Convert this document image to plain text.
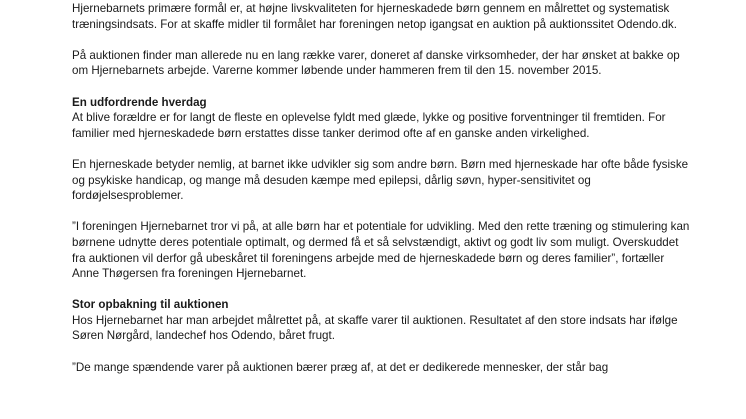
Hjernebarnets primære formål er, at højne livskvaliteten for hjerneskadede børn gennem en målrettet og systematisk træningsindsats. For at skaffe midler til formålet har foreningen netop igangsat en auktion på auktionssitet Odendo.dk.

På auktionen finder man allerede nu en lang række varer, doneret af danske virksomheder, der har ønsket at bakke op om Hjernebarnets arbejde. Varerne kommer løbende under hammeren frem til den 15. november 2015.

En udfordrende hverdag

At blive forældre er for langt de fleste en oplevelse fyldt med glæde, lykke og positive forventninger til fremtiden. For familier med hjerneskadede børn erstattes disse tanker derimod ofte af en ganske anden virkelighed.

En hjerneskade betyder nemlig, at barnet ikke udvikler sig som andre børn. Børn med hjerneskade har ofte både fysiske og psykiske handicap, og mange må desuden kæmpe med epilepsi, dårlig søvn, hyper-sensitivitet og fordøjelsesproblemer.

”I foreningen Hjernebarnet tror vi på, at alle børn har et potentiale for udvikling. Med den rette træning og stimulering kan børnene udnytte deres potentiale optimalt, og dermed få et så selvstændigt, aktivt og godt liv som muligt. Overskuddet fra auktionen vil derfor gå ubeskåret til foreningens arbejde med de hjerneskadede børn og deres familier”, fortæller Anne Thøgersen fra foreningen Hjernebarnet.

Stor opbakning til auktionen

Hos Hjernebarnet har man arbejdet målrettet på, at skaffe varer til auktionen. Resultatet af den store indsats har ifølge Søren Nørgård, landechef hos Odendo, båret frugt.

”De mange spændende varer på auktionen bærer præg af, at det er dedikerede mennesker, der står bag
